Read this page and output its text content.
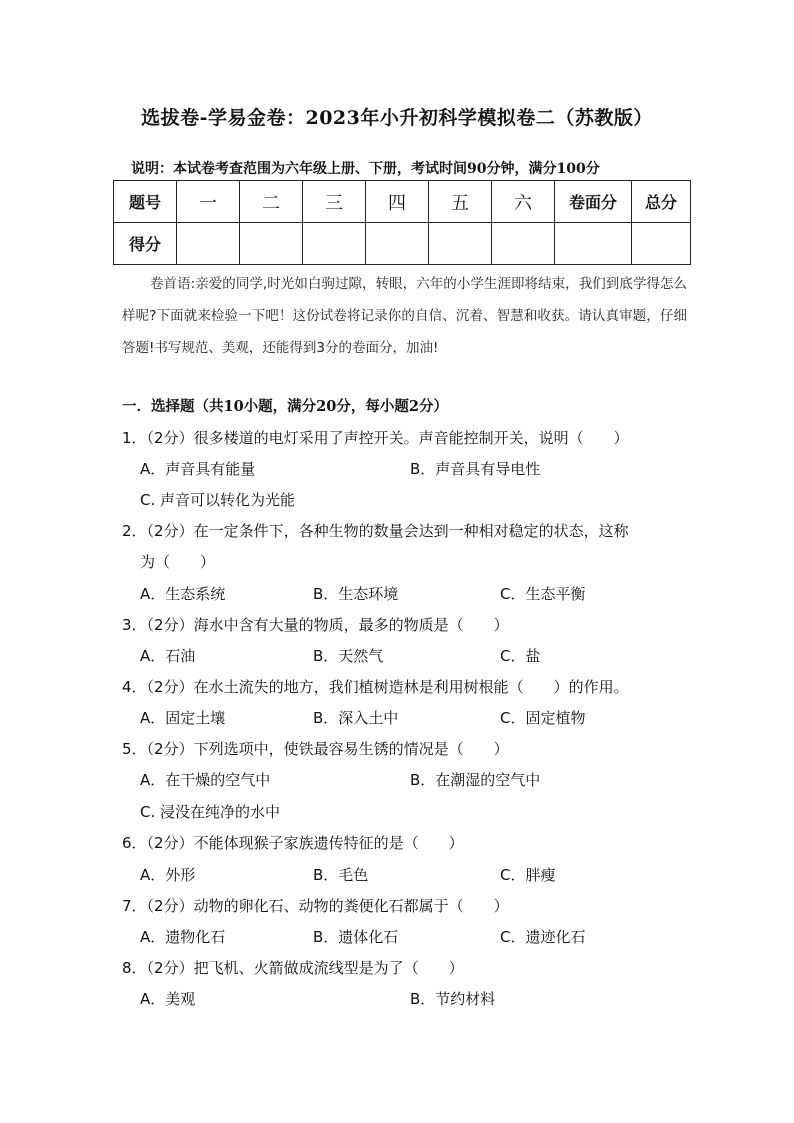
选拔卷-学易金卷：2023年小升初科学模拟卷二（苏教版）
说明：本试卷考查范围为六年级上册、下册，考试时间90分钟，满分100分
题号	一	二	三	四	五	六	卷面分	总分
得分								
卷首语:亲爱的同学,时光如白驹过隙，转眼，六年的小学生涯即将结束，我们到底学得怎么样呢?下面就来检验一下吧！这份试卷将记录你的自信、沉着、智慧和收获。请认真审题，仔细答题!书写规范、美观，还能得到3分的卷面分，加油!
一．选择题（共10小题，满分20分，每小题2分）
1．（2分）很多楼道的电灯采用了声控开关。声音能控制开关，说明（　　）
A．声音具有能量	B．声音具有导电性
C. 声音可以转化为光能
2．（2分）在一定条件下，各种生物的数量会达到一种相对稳定的状态，这称
为（　　）
A．生态系统	B．生态环境	C．生态平衡
3．（2分）海水中含有大量的物质，最多的物质是（　　）
A．石油	B．天然气	C．盐
4．（2分）在水土流失的地方，我们植树造林是利用树根能（　　）的作用。
A．固定土壤	B．深入土中	C．固定植物
5．（2分）下列选项中，使铁最容易生锈的情况是（　　）
A．在干燥的空气中	B．在潮湿的空气中
C. 浸没在纯净的水中
6．（2分）不能体现猴子家族遗传特征的是（　　）
A．外形	B．毛色	C．胖瘦
7．（2分）动物的卵化石、动物的粪便化石都属于（　　）
A．遗物化石	B．遗体化石	C．遗迹化石
8．（2分）把飞机、火箭做成流线型是为了（　　）
A．美观	B．节约材料
